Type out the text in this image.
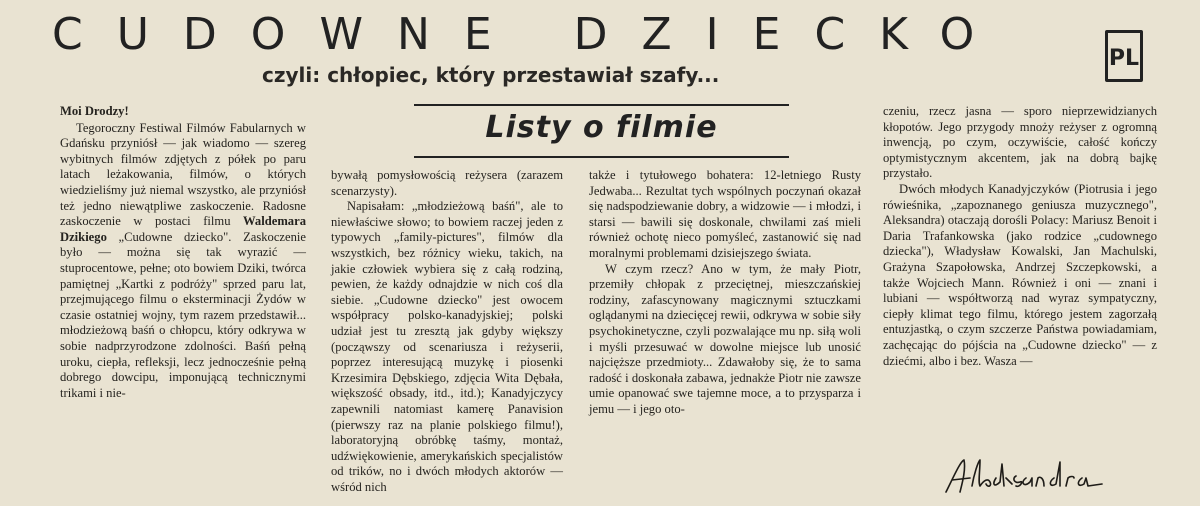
CUDOWNE DZIECKO	PL
czyli: chłopiec, który przestawiał szafy...
Moi Drodzy!

Tegoroczny Festiwal Filmów Fabularnych w Gdańsku przyniósł — jak wiadomo — szereg wybitnych filmów zdjętych z półek po paru latach leżakowania, filmów, o których wiedzieliśmy już niemal wszystko, ale przyniósł też jedno niewątpliwe zaskoczenie. Radosne zaskoczenie w postaci filmu Waldemara Dzikiego „Cudowne dziecko". Zaskoczenie było — można się tak wyrazić — stuprocentowe, pełne; oto bowiem Dziki, twórca pamiętnej „Kartki z podróży" sprzed paru lat, przejmującego filmu o eksterminacji Żydów w czasie ostatniej wojny, tym razem przedstawił... młodzieżową baśń o chłopcu, który odkrywa w sobie nadprzyrodzone zdolności. Baśń pełną uroku, ciepła, refleksji, lecz jednocześnie pełną dobrego dowcipu, imponującą technicznymi trikami i nie-

Listy o filmie

bywałą pomysłowością reżysera (zarazem scenarzysty).

Napisałam: „młodzieżową baśń", ale to niewłaściwe słowo; to bowiem raczej jeden z typowych „family-pictures", filmów dla wszystkich, bez różnicy wieku, takich, na jakie człowiek wybiera się z całą rodziną, pewien, że każdy odnajdzie w nich coś dla siebie. „Cudowne dziecko" jest owocem współpracy polsko-kanadyjskiej; polski udział jest tu zresztą jak gdyby większy (począwszy od scenariusza i reżyserii, poprzez interesującą muzykę i piosenki Krzesimira Dębskiego, zdjęcia Wita Dębała, większość obsady, itd., itd.); Kanadyjczycy zapewnili natomiast kamerę Panavision (pierwszy raz na planie polskiego filmu!), laboratoryjną obróbkę taśmy, montaż, udźwiękowienie, amerykańskich specjalistów od trików, no i dwóch młodych aktorów — wśród nich

także i tytułowego bohatera: 12-letniego Rusty Jedwaba... Rezultat tych wspólnych poczynań okazał się nadspodziewanie dobry, a widzowie — i młodzi, i starsi — bawili się doskonale, chwilami zaś mieli również ochotę nieco pomyśleć, zastanowić się nad moralnymi problemami dzisiejszego świata.

W czym rzecz? Ano w tym, że mały Piotr, przemiły chłopak z przeciętnej, mieszczańskiej rodziny, zafascynowany magicznymi sztuczkami oglądanymi na dziecięcej rewii, odkrywa w sobie siły psychokinetyczne, czyli pozwalające mu np. siłą woli i myśli przesuwać w dowolne miejsce lub unosić najcięższe przedmioty... Zdawałoby się, że to sama radość i doskonała zabawa, jednakże Piotr nie zawsze umie opanować swe tajemne moce, a to przysparza i jemu — i jego oto-

czeniu, rzecz jasna — sporo nieprzewidzianych kłopotów. Jego przygody mnoży reżyser z ogromną inwencją, po czym, oczywiście, całość kończy optymistycznym akcentem, jak na dobrą bajkę przystało.

Dwóch młodych Kanadyjczyków (Piotrusia i jego rówieśnika, „zapoznanego geniusza muzycznego", Aleksandra) otaczają dorośli Polacy: Mariusz Benoit i Daria Trafankowska (jako rodzice „cudownego dziecka"), Władysław Kowalski, Jan Machulski, Grażyna Szapołowska, Andrzej Szczepkowski, a także Wojciech Mann. Również i oni — znani i lubiani — współtworzą nad wyraz sympatyczny, ciepły klimat tego filmu, którego jestem zagorzałą entuzjastką, o czym szczerze Państwa powiadamiam, zachęcając do pójścia na „Cudowne dziecko" — z dziećmi, albo i bez. Wasza —
